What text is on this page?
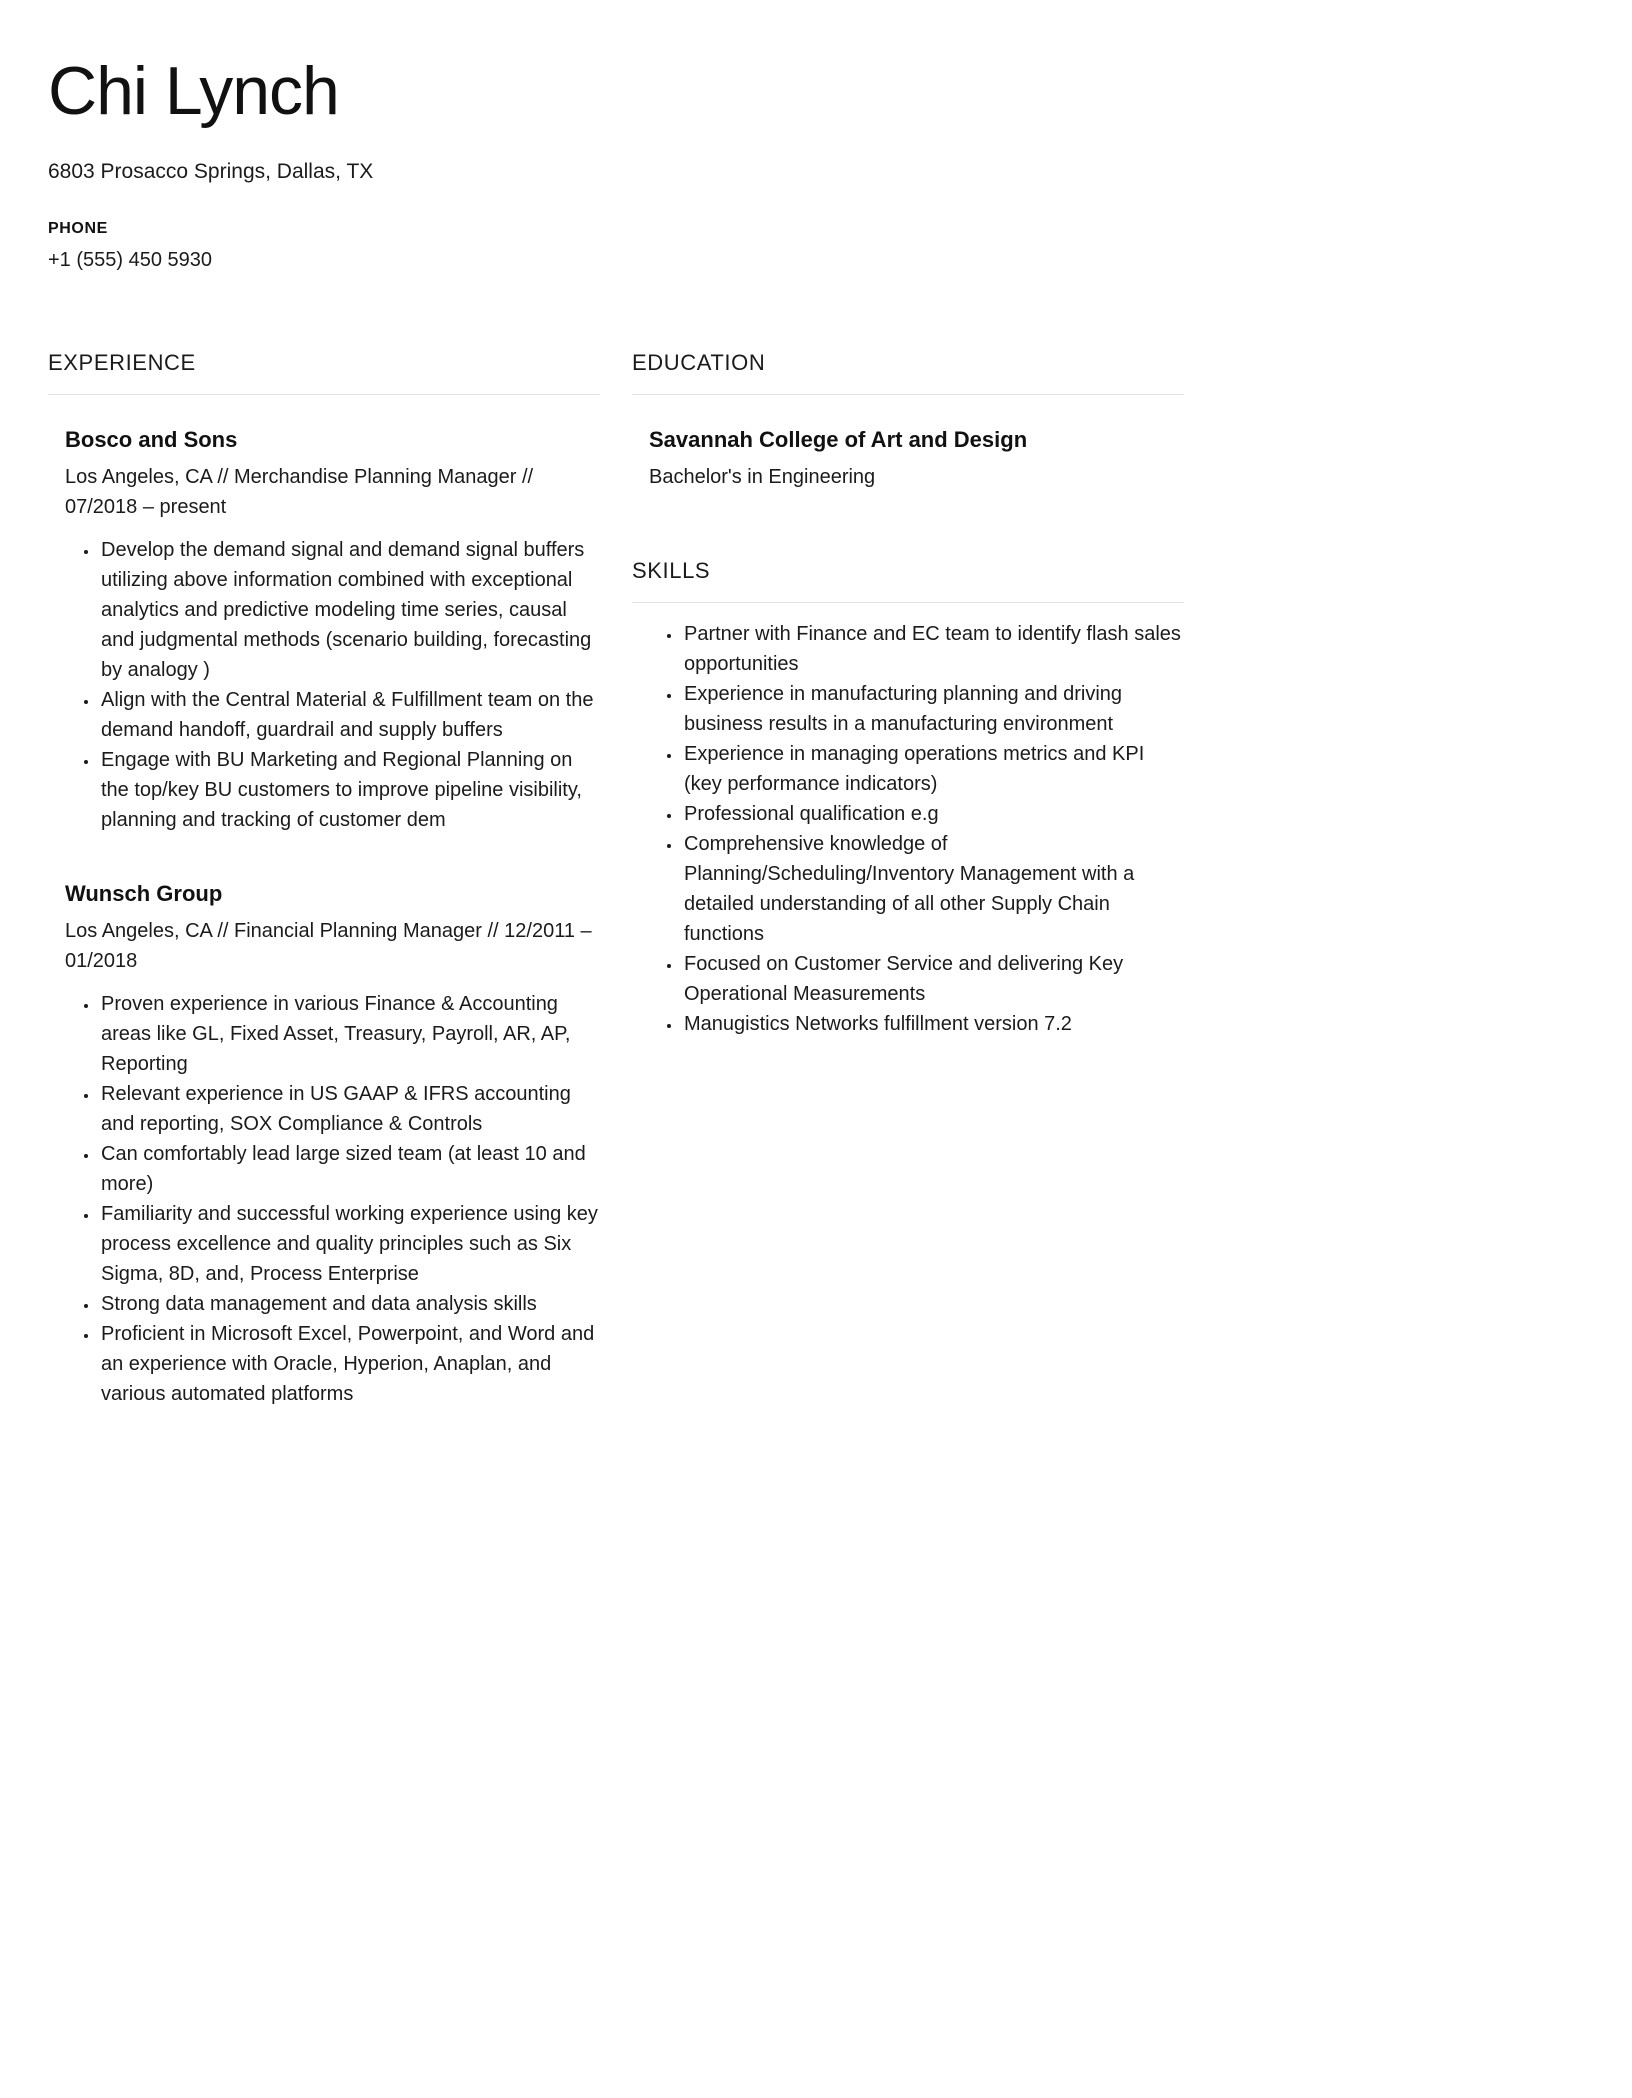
Chi Lynch

6803 Prosacco Springs, Dallas, TX

PHONE
+1 (555) 450 5930
EXPERIENCE
Bosco and Sons

Los Angeles, CA // Merchandise Planning Manager // 07/2018 – present

• Develop the demand signal and demand signal buffers utilizing above information combined with exceptional analytics and predictive modeling time series, causal and judgmental methods (scenario building, forecasting by analogy )
• Align with the Central Material & Fulfillment team on the demand handoff, guardrail and supply buffers
• Engage with BU Marketing and Regional Planning on the top/key BU customers to improve pipeline visibility, planning and tracking of customer dem
Wunsch Group

Los Angeles, CA // Financial Planning Manager // 12/2011 – 01/2018

• Proven experience in various Finance & Accounting areas like GL, Fixed Asset, Treasury, Payroll, AR, AP, Reporting
• Relevant experience in US GAAP & IFRS accounting and reporting, SOX Compliance & Controls
• Can comfortably lead large sized team (at least 10 and more)
• Familiarity and successful working experience using key process excellence and quality principles such as Six Sigma, 8D, and, Process Enterprise
• Strong data management and data analysis skills
• Proficient in Microsoft Excel, Powerpoint, and Word and an experience with Oracle, Hyperion, Anaplan, and various automated platforms
EDUCATION
Savannah College of Art and Design

Bachelor's in Engineering

SKILLS
• Partner with Finance and EC team to identify flash sales opportunities
• Experience in manufacturing planning and driving business results in a manufacturing environment
• Experience in managing operations metrics and KPI (key performance indicators)
• Professional qualification e.g
• Comprehensive knowledge of Planning/Scheduling/Inventory Management with a detailed understanding of all other Supply Chain functions
• Focused on Customer Service and delivering Key Operational Measurements
• Manugistics Networks fulfillment version 7.2
